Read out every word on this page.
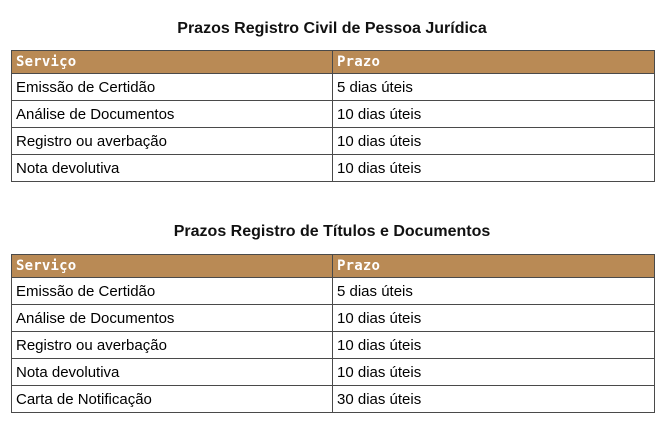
Prazos Registro Civil de Pessoa Jurídica
Serviço	Prazo
Emissão de Certidão	5 dias úteis
Análise de Documentos	10 dias úteis
Registro ou averbação	10 dias úteis
Nota devolutiva	10 dias úteis
Prazos Registro de Títulos e Documentos
Serviço	Prazo
Emissão de Certidão	5 dias úteis
Análise de Documentos	10 dias úteis
Registro ou averbação	10 dias úteis
Nota devolutiva	10 dias úteis
Carta de Notificação	30 dias úteis
